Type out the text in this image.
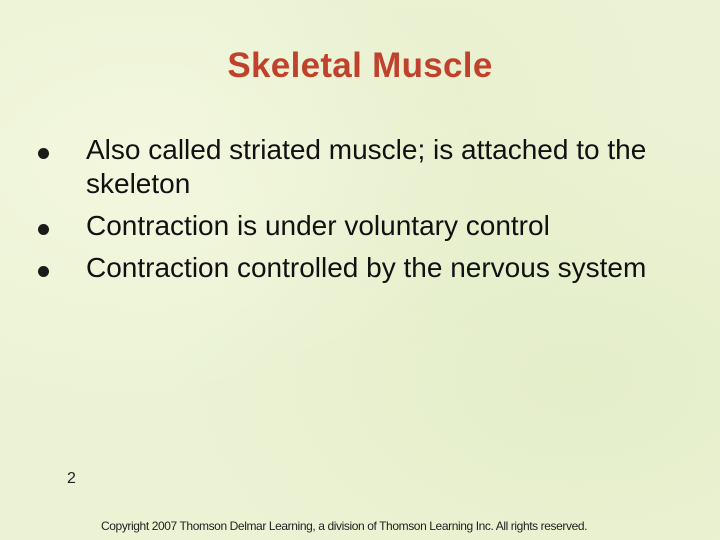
Skeletal Muscle
Also called striated muscle; is attached to the skeleton
Contraction is under voluntary control
Contraction controlled by the nervous system
2
Copyright 2007 Thomson Delmar Learning, a division of Thomson Learning Inc. All rights reserved.
